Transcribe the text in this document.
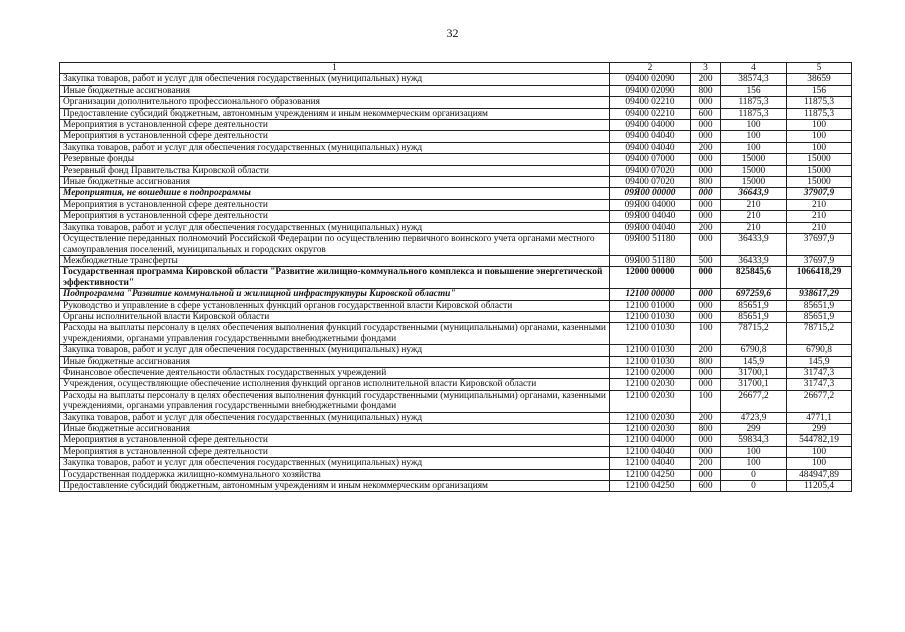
32
1	2	3	4	5
Закупка товаров, работ и услуг для обеспечения государственных (муниципальных) нужд	09400 02090	200	38574,3	38659
Иные бюджетные ассигнования	09400 02090	800	156	156
Организации дополнительного профессионального образования	09400 02210	000	11875,3	11875,3
Предоставление субсидий бюджетным, автономным учреждениям и иным некоммерческим организациям	09400 02210	600	11875,3	11875,3
Мероприятия в установленной сфере деятельности	09400 04000	000	100	100
Мероприятия в установленной сфере деятельности	09400 04040	000	100	100
Закупка товаров, работ и услуг для обеспечения государственных (муниципальных) нужд	09400 04040	200	100	100
Резервные фонды	09400 07000	000	15000	15000
Резервный фонд Правительства Кировской области	09400 07020	000	15000	15000
Иные бюджетные ассигнования	09400 07020	800	15000	15000
Мероприятия, не вошедшие в подпрограммы	09Я00 00000	000	36643,9	37907,9
Мероприятия в установленной сфере деятельности	09Я00 04000	000	210	210
Мероприятия в установленной сфере деятельности	09Я00 04040	000	210	210
Закупка товаров, работ и услуг для обеспечения государственных (муниципальных) нужд	09Я00 04040	200	210	210
Осуществление переданных полномочий Российской Федерации по осуществлению первичного воинского учета органами местного самоуправления поселений, муниципальных и городских округов	09Я00 51180	000	36433,9	37697,9
Межбюджетные трансферты	09Я00 51180	500	36433,9	37697,9
Государственная программа Кировской области "Развитие жилищно-коммунального комплекса и повышение энергетической эффективности"	12000 00000	000	825845,6	1066418,29
Подпрограмма "Развитие коммунальной и жилищной инфраструктуры Кировской области"	12100 00000	000	697259,6	938617,29
Руководство и управление в сфере установленных функций органов государственной власти Кировской области	12100 01000	000	85651,9	85651,9
Органы исполнительной власти Кировской области	12100 01030	000	85651,9	85651,9
Расходы на выплаты персоналу в целях обеспечения выполнения функций государственными (муниципальными) органами, казенными учреждениями, органами управления государственными внебюджетными фондами	12100 01030	100	78715,2	78715,2
Закупка товаров, работ и услуг для обеспечения государственных (муниципальных) нужд	12100 01030	200	6790,8	6790,8
Иные бюджетные ассигнования	12100 01030	800	145,9	145,9
Финансовое обеспечение деятельности областных государственных учреждений	12100 02000	000	31700,1	31747,3
Учреждения, осуществляющие обеспечение исполнения функций органов исполнительной власти Кировской области	12100 02030	000	31700,1	31747,3
Расходы на выплаты персоналу в целях обеспечения выполнения функций государственными (муниципальными) органами, казенными учреждениями, органами управления государственными внебюджетными фондами	12100 02030	100	26677,2	26677,2
Закупка товаров, работ и услуг для обеспечения государственных (муниципальных) нужд	12100 02030	200	4723,9	4771,1
Иные бюджетные ассигнования	12100 02030	800	299	299
Мероприятия в установленной сфере деятельности	12100 04000	000	59834,3	544782,19
Мероприятия в установленной сфере деятельности	12100 04040	000	100	100
Закупка товаров, работ и услуг для обеспечения государственных (муниципальных) нужд	12100 04040	200	100	100
Государственная поддержка жилищно-коммунального хозяйства	12100 04250	000	0	484947,89
Предоставление субсидий бюджетным, автономным учреждениям и иным некоммерческим организациям	12100 04250	600	0	11205,4
